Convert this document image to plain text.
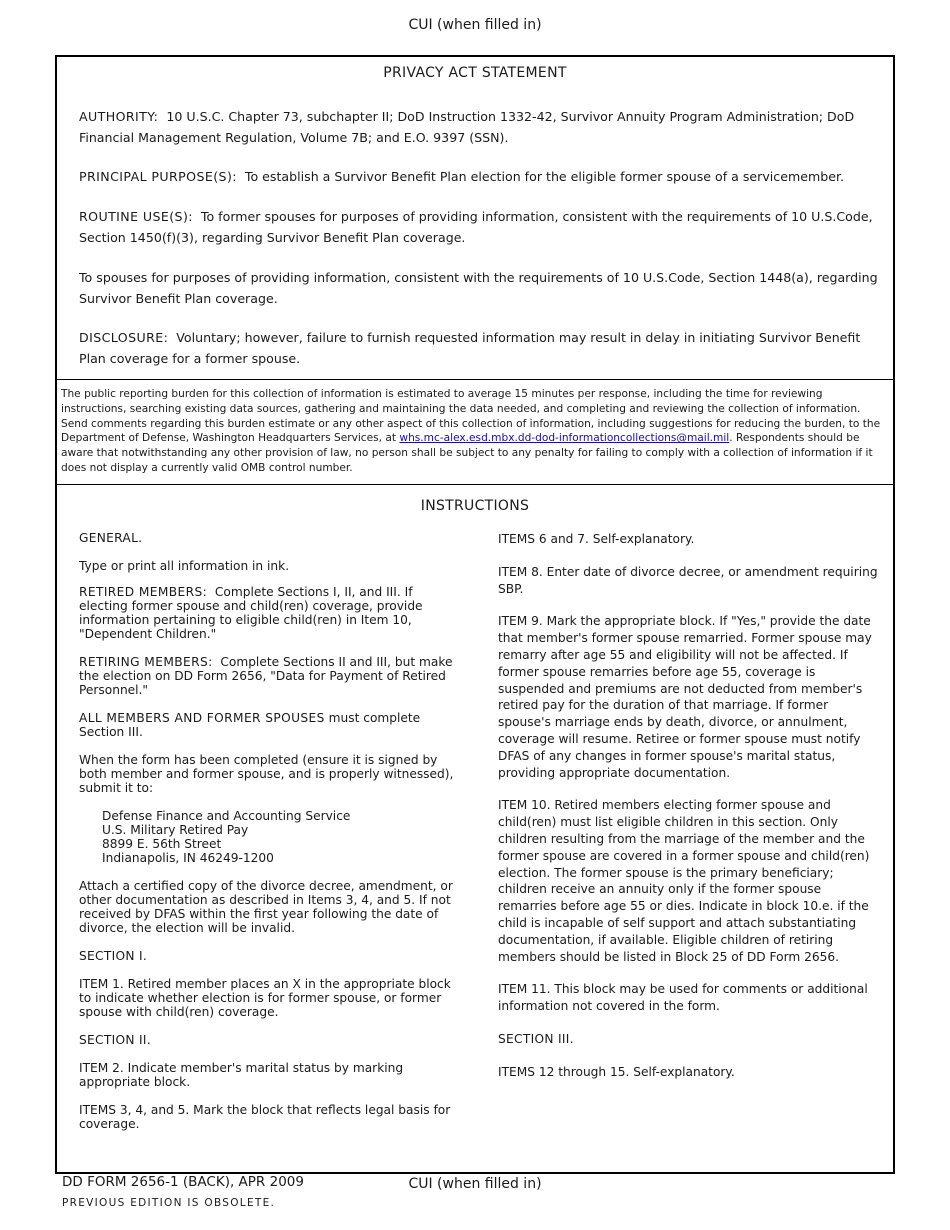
CUI (when filled in)
PRIVACY ACT STATEMENT
AUTHORITY: 10 U.S.C. Chapter 73, subchapter II; DoD Instruction 1332-42, Survivor Annuity Program Administration; DoD Financial Management Regulation, Volume 7B; and E.O. 9397 (SSN).
PRINCIPAL PURPOSE(S): To establish a Survivor Benefit Plan election for the eligible former spouse of a servicemember.
ROUTINE USE(S): To former spouses for purposes of providing information, consistent with the requirements of 10 U.S.Code, Section 1450(f)(3), regarding Survivor Benefit Plan coverage.
To spouses for purposes of providing information, consistent with the requirements of 10 U.S.Code, Section 1448(a), regarding Survivor Benefit Plan coverage.
DISCLOSURE: Voluntary; however, failure to furnish requested information may result in delay in initiating Survivor Benefit Plan coverage for a former spouse.
The public reporting burden for this collection of information is estimated to average 15 minutes per response, including the time for reviewing instructions, searching existing data sources, gathering and maintaining the data needed, and completing and reviewing the collection of information. Send comments regarding this burden estimate or any other aspect of this collection of information, including suggestions for reducing the burden, to the Department of Defense, Washington Headquarters Services, at whs.mc-alex.esd.mbx.dd-dod-informationcollections@mail.mil. Respondents should be aware that notwithstanding any other provision of law, no person shall be subject to any penalty for failing to comply with a collection of information if it does not display a currently valid OMB control number.
INSTRUCTIONS

GENERAL.

Type or print all information in ink.

RETIRED MEMBERS: Complete Sections I, II, and III. If electing former spouse and child(ren) coverage, provide information pertaining to eligible child(ren) in Item 10, "Dependent Children."

RETIRING MEMBERS: Complete Sections II and III, but make the election on DD Form 2656, "Data for Payment of Retired Personnel."

ALL MEMBERS AND FORMER SPOUSES must complete Section III.

When the form has been completed (ensure it is signed by both member and former spouse, and is properly witnessed), submit it to:

Defense Finance and Accounting Service
U.S. Military Retired Pay
8899 E. 56th Street
Indianapolis, IN 46249-1200

Attach a certified copy of the divorce decree, amendment, or other documentation as described in Items 3, 4, and 5. If not received by DFAS within the first year following the date of divorce, the election will be invalid.

SECTION I.

ITEM 1. Retired member places an X in the appropriate block to indicate whether election is for former spouse, or former spouse with child(ren) coverage.

SECTION II.

ITEM 2. Indicate member's marital status by marking appropriate block.

ITEMS 3, 4, and 5. Mark the block that reflects legal basis for coverage.

ITEMS 6 and 7. Self-explanatory.

ITEM 8. Enter date of divorce decree, or amendment requiring SBP.

ITEM 9. Mark the appropriate block. If "Yes," provide the date that member's former spouse remarried. Former spouse may remarry after age 55 and eligibility will not be affected. If former spouse remarries before age 55, coverage is suspended and premiums are not deducted from member's retired pay for the duration of that marriage. If former spouse's marriage ends by death, divorce, or annulment, coverage will resume. Retiree or former spouse must notify DFAS of any changes in former spouse's marital status, providing appropriate documentation.

ITEM 10. Retired members electing former spouse and child(ren) must list eligible children in this section. Only children resulting from the marriage of the member and the former spouse are covered in a former spouse and child(ren) election. The former spouse is the primary beneficiary; children receive an annuity only if the former spouse remarries before age 55 or dies. Indicate in block 10.e. if the child is incapable of self support and attach substantiating documentation, if available. Eligible children of retiring members should be listed in Block 25 of DD Form 2656.

ITEM 11. This block may be used for comments or additional information not covered in the form.

SECTION III.

ITEMS 12 through 15. Self-explanatory.

DD FORM 2656-1 (BACK), APR 2009	CUI (when filled in)
PREVIOUS EDITION IS OBSOLETE.
